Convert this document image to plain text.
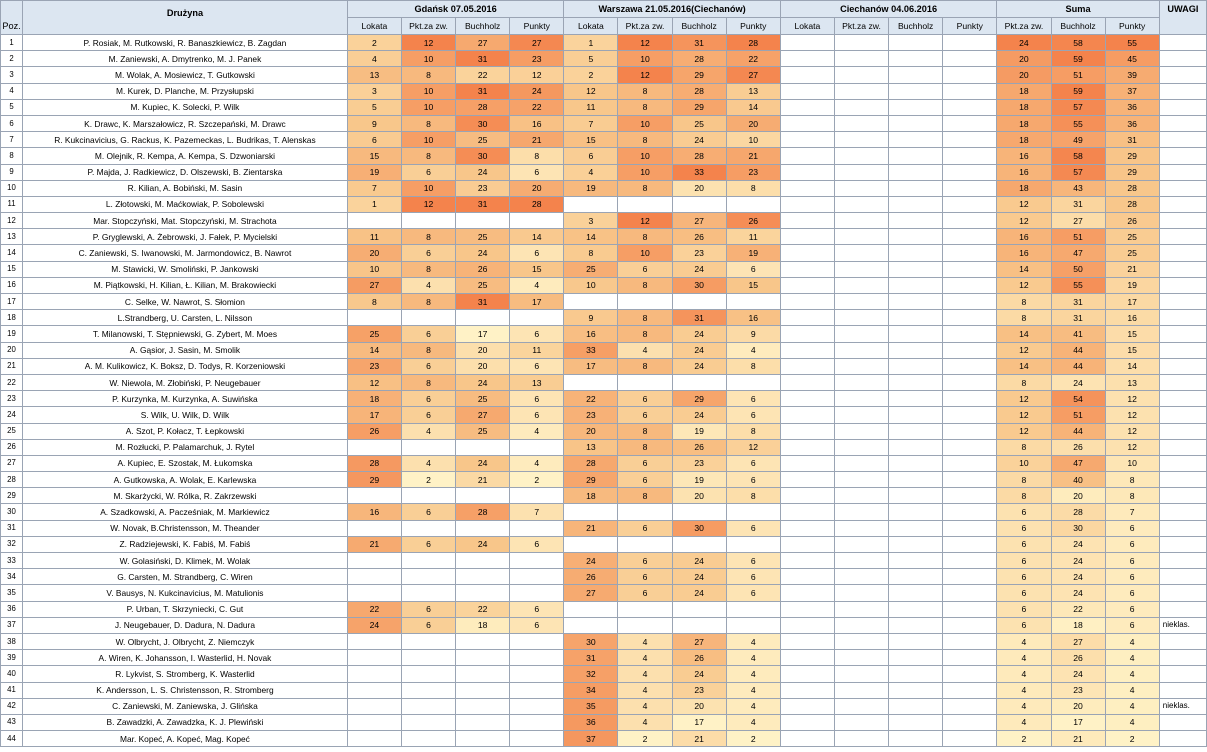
Poz.	Drużyna	Gdańsk 07.05.2016				Warszawa 21.05.2016(Ciechanów)				Ciechanów 04.06.2016				Suma			UWAGI
		Lokata	Pkt.za zw.	Buchholz	Punkty	Lokata	Pkt.za zw.	Buchholz	Punkty	Lokata	Pkt.za zw.	Buchholz	Punkty	Pkt.za zw.	Buchholz	Punkty	
1	P. Rosiak, M. Rutkowski, R. Banaszkiewicz, B. Zagdan	2	12	27	27	1	12	31	28					24	58	55	
2	M. Zaniewski, A. Dmytrenko, M. J. Panek	4	10	31	23	5	10	28	22					20	59	45	
3	M. Wolak, A. Mosiewicz, T. Gutkowski	13	8	22	12	2	12	29	27					20	51	39	
4	M. Kurek, D. Planche, M. Przysłupski	3	10	31	24	12	8	28	13					18	59	37	
5	M. Kupiec, K. Solecki, P. Wilk	5	10	28	22	11	8	29	14					18	57	36	
6	K. Drawc, K. Marszałowicz, R. Szczepański, M. Drawc	9	8	30	16	7	10	25	20					18	55	36	
7	R. Kukcinavicius, G. Rackus, K. Pazemeckas, L. Budrikas, T. Alenskas	6	10	25	21	15	8	24	10					18	49	31	
8	M. Olejnik, R. Kempa, A. Kempa, S. Dzwoniarski	15	8	30	8	6	10	28	21					16	58	29	
9	P. Majda, J. Radkiewicz, D. Olszewski, B. Zientarska	19	6	24	6	4	10	33	23					16	57	29	
10	R. Kilian, A. Bobiński, M. Sasin	7	10	23	20	19	8	20	8					18	43	28	
11	L. Złotowski, M. Maćkowiak, P. Sobolewski	1	12	31	28									12	31	28	
12	Mar. Stopczyński, Mat. Stopczyński, M. Strachota					3	12	27	26					12	27	26	
13	P. Gryglewski, A. Żebrowski, J. Fałek, P. Mycielski	11	8	25	14	14	8	26	11					16	51	25	
14	C. Zaniewski, S. Iwanowski, M. Jarmondowicz, B. Nawrot	20	6	24	6	8	10	23	19					16	47	25	
15	M. Stawicki, W. Smoliński, P. Jankowski	10	8	26	15	25	6	24	6					14	50	21	
16	M. Piątkowski, H. Kilian, Ł. Kilian, M. Brakowiecki	27	4	25	4	10	8	30	15					12	55	19	
17	C. Selke, W. Nawrot, S. Słomion	8	8	31	17									8	31	17	
18	L.Strandberg, U. Carsten, L. Nilsson					9	8	31	16					8	31	16	
19	T. Milanowski, T. Stępniewski, G. Zybert, M. Moes	25	6	17	6	16	8	24	9					14	41	15	
20	A. Gąsior, J. Sasin, M. Smolik	14	8	20	11	33	4	24	4					12	44	15	
21	A. M. Kulikowicz, K. Boksz, D. Todys, R. Korzeniowski	23	6	20	6	17	8	24	8					14	44	14	
22	W. Niewola, M. Złobiński, P. Neugebauer	12	8	24	13									8	24	13	
23	P. Kurzynka, M. Kurzynka, A. Suwińska	18	6	25	6	22	6	29	6					12	54	12	
24	S. Wilk, U. Wilk, D. Wilk	17	6	27	6	23	6	24	6					12	51	12	
25	A. Szot, P. Kołacz, T. Łepkowski	26	4	25	4	20	8	19	8					12	44	12	
26	M. Rozłucki, P. Palamarchuk, J. Rytel					13	8	26	12					8	26	12	
27	A. Kupiec, E. Szostak, M. Łukomska	28	4	24	4	28	6	23	6					10	47	10	
28	A. Gutkowska, A. Wolak, E. Karlewska	29	2	21	2	29	6	19	6					8	40	8	
29	M. Skarżycki, W. Rólka, R. Zakrzewski					18	8	20	8					8	20	8	
30	A. Szadkowski, A. Pacześniak, M. Markiewicz	16	6	28	7									6	28	7	
31	W. Novak, B.Christensson, M. Theander					21	6	30	6					6	30	6	
32	Z. Radziejewski, K. Fabiś, M. Fabiś	21	6	24	6									6	24	6	
33	W. Golasiński, D. Klimek, M. Wolak					24	6	24	6					6	24	6	
34	G. Carsten, M. Strandberg, C. Wiren					26	6	24	6					6	24	6	
35	V. Bausys, N. Kukcinavicius, M. Matulionis					27	6	24	6					6	24	6	
36	P. Urban, T. Skrzyniecki, C. Gut	22	6	22	6									6	22	6	
37	J. Neugebauer, D. Dadura, N. Dadura	24	6	18	6									6	18	6	nieklas.
38	W. Olbrycht, J. Olbrycht, Z. Niemczyk					30	4	27	4					4	27	4	
39	A. Wiren, K. Johansson, I. Wasterlid, H. Novak					31	4	26	4					4	26	4	
40	R. Lykvist, S. Stromberg, K. Wasterlid					32	4	24	4					4	24	4	
41	K. Andersson, L. S. Christensson, R. Stromberg					34	4	23	4					4	23	4	
42	C. Zaniewski, M. Zaniewska, J. Glińska					35	4	20	4					4	20	4	nieklas.
43	B. Zawadzki, A. Zawadzka, K. J. Plewiński					36	4	17	4					4	17	4	
44	Mar. Kopeć, A. Kopeć, Mag. Kopeć					37	2	21	2					2	21	2	
